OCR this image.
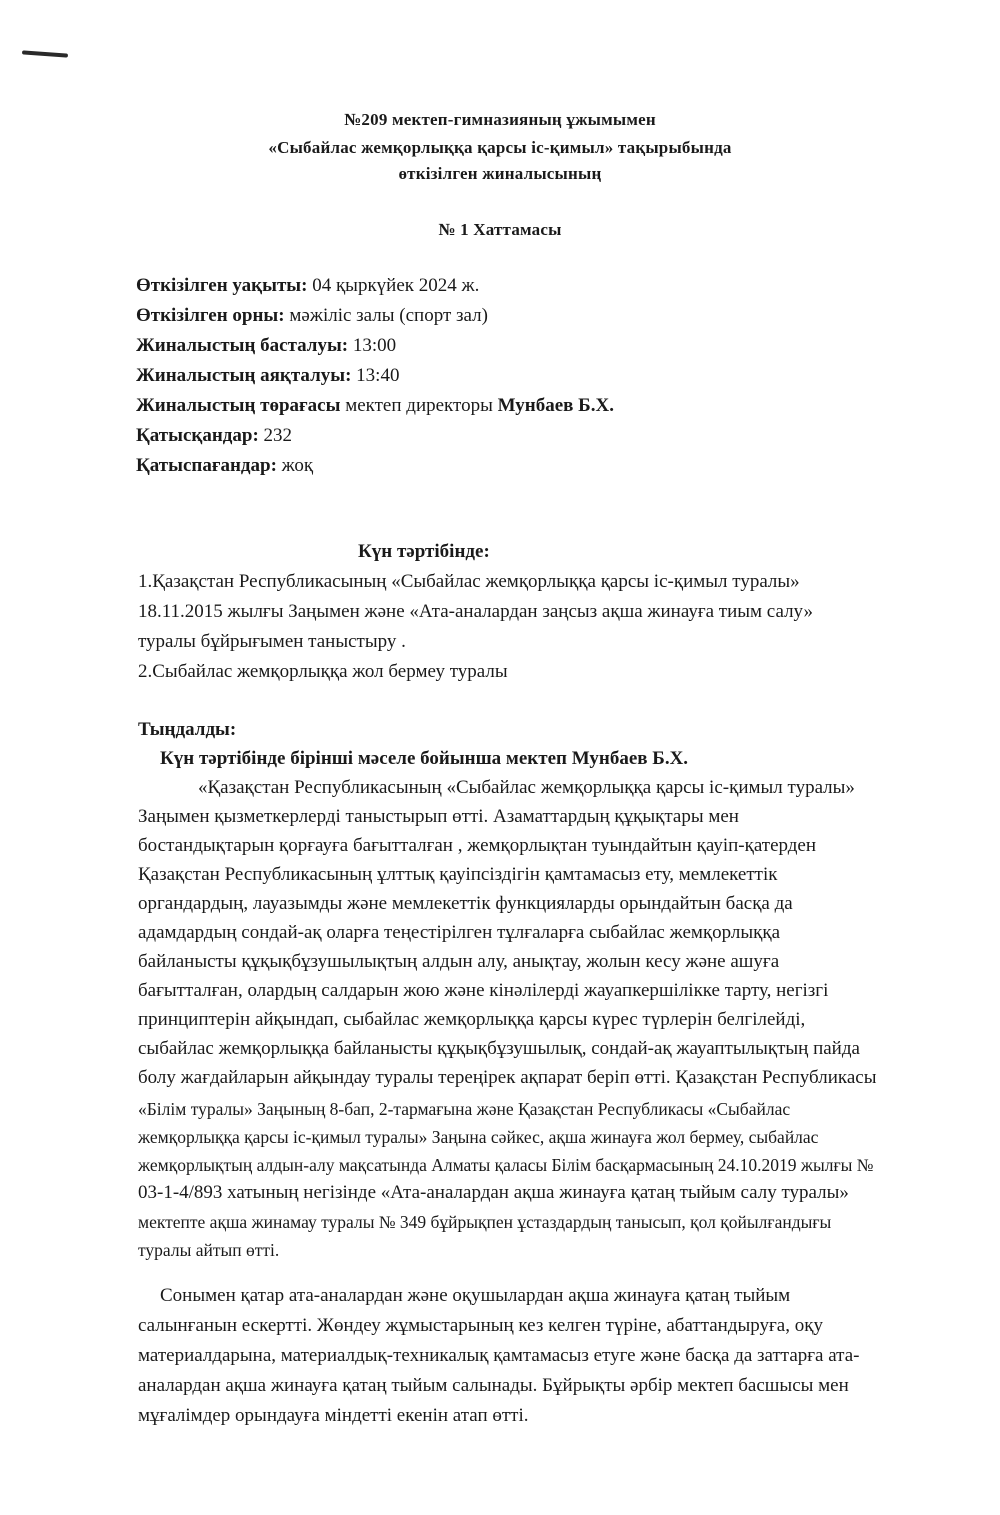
№209 мектеп-гимназияның ұжымымен
«Сыбайлас жемқорлыққа қарсы іс-қимыл» тақырыбында
өткізілген жиналысының
№ 1 Хаттамасы
Өткізілген уақыты: 04 қыркүйек 2024 ж.
Өткізілген орны: мәжіліс залы (спорт зал)
Жиналыстың басталуы: 13:00
Жиналыстың аяқталуы: 13:40
Жиналыстың төрағасы мектеп директоры Мунбаев Б.Х.
Қатысқандар: 232
Қатыспағандар: жоқ
Күн тәртібінде:
1.Қазақстан Республикасының «Сыбайлас жемқорлыққа қарсы іс-қимыл туралы»
18.11.2015 жылғы Заңымен және «Ата-аналардан заңсыз ақша жинауға тиым салу»
туралы бұйрығымен таныстыру .
2.Сыбайлас жемқорлыққа жол бермеу туралы
Тыңдалды:
Күн тәртібінде бірінші мәселе бойынша мектеп Мунбаев Б.Х.
«Қазақстан Республикасының «Сыбайлас жемқорлыққа қарсы іс-қимыл туралы»
Заңымен қызметкерлерді таныстырып өтті. Азаматтардың құқықтары мен
бостандықтарын қорғауға бағытталған , жемқорлықтан туындайтын қауіп-қатерден
Қазақстан Республикасының ұлттық қауіпсіздігін қамтамасыз ету, мемлекеттік
органдардың, лауазымды және мемлекеттік функцияларды орындайтын басқа да
адамдардың сондай-ақ оларға теңестірілген тұлғаларға сыбайлас жемқорлыққа
байланысты құқықбұзушылықтың алдын алу, анықтау, жолын кесу және ашуға
бағытталған, олардың салдарын жою және кінәлілерді жауапкершілікке тарту, негізгі
принциптерін айқындап, сыбайлас жемқорлыққа қарсы күрес түрлерін белгілейді,
сыбайлас жемқорлыққа байланысты құқықбұзушылық, сондай-ақ жауаптылықтың пайда
болу жағдайларын айқындау туралы тереңірек ақпарат беріп өтті. Қазақстан Республикасы
«Білім туралы» Заңының 8-бап, 2-тармағына және Қазақстан Республикасы «Сыбайлас
жемқорлыққа қарсы іс-қимыл туралы» Заңына сәйкес, ақша жинауға жол бермеу, сыбайлас
жемқорлықтың алдын-алу мақсатында Алматы қаласы Білім басқармасының 24.10.2019 жылғы №
03-1-4/893 хатының негізінде «Ата-аналардан ақша жинауға қатаң тыйым салу туралы»
мектепте ақша жинамау туралы № 349 бұйрықпен ұстаздардың танысып, қол қойылғандығы
туралы айтып өтті.
Сонымен қатар ата-аналардан және оқушылардан ақша жинауға қатаң тыйым
салынғанын ескертті. Жөндеу жұмыстарының кез келген түріне, абаттандыруға, оқу
материалдарына, материалдық-техникалық қамтамасыз етуге және басқа да заттарға ата-
аналардан ақша жинауға қатаң тыйым салынады. Бұйрықты әрбір мектеп басшысы мен
мұғалімдер орындауға міндетті екенін атап өтті.
